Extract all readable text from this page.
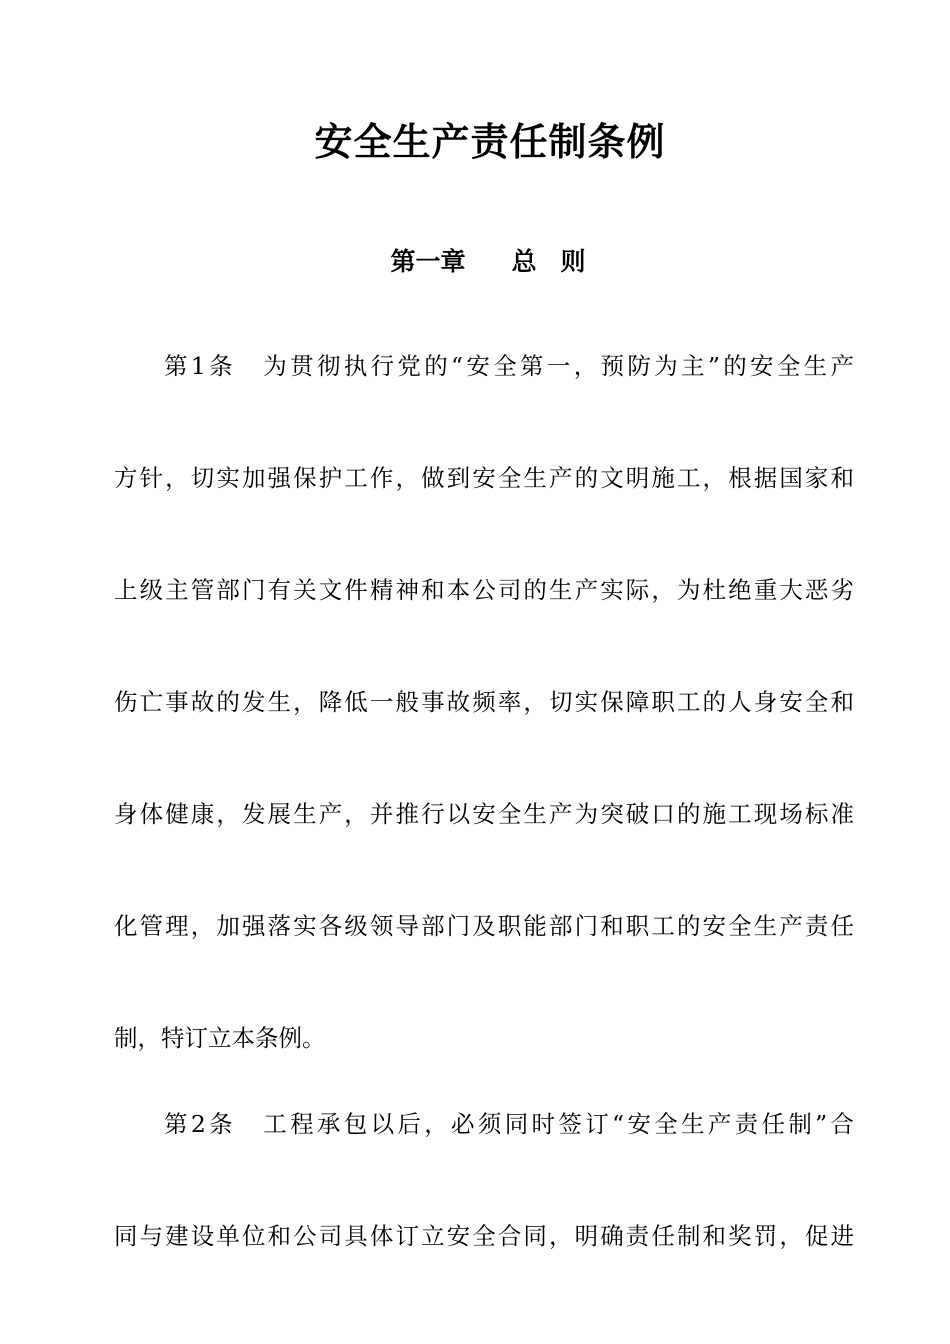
安全生产责任制条例
第一章 总 则
第1条 为贯彻执行党的“安全第一，预防为主”的安全生产
方针，切实加强保护工作，做到安全生产的文明施工，根据国家和
上级主管部门有关文件精神和本公司的生产实际，为杜绝重大恶劣
伤亡事故的发生，降低一般事故频率，切实保障职工的人身安全和
身体健康，发展生产，并推行以安全生产为突破口的施工现场标准
化管理，加强落实各级领导部门及职能部门和职工的安全生产责任
制，特订立本条例。
第2条 工程承包以后，必须同时签订“安全生产责任制”合
同与建设单位和公司具体订立安全合同，明确责任制和奖罚，促进
